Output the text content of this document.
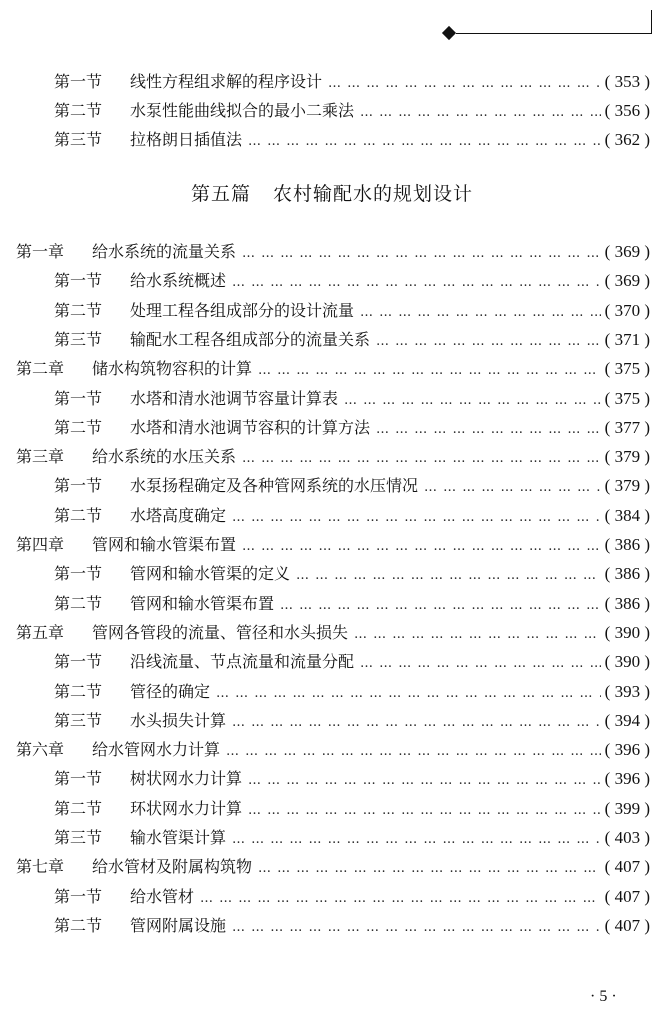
第一节	线性方程组求解的程序设计 … … … … … … … … … … … … … … … … … … … … … … … … … … … … … … … … … … … … … … … … … … … … … …	( 353 )
第二节	水泵性能曲线拟合的最小二乘法 … … … … … … … … … … … … … … … … … … … … … … … … … … … … … … … … … … … … … … … … … … … … … …	( 356 )
第三节	拉格朗日插值法 … … … … … … … … … … … … … … … … … … … … … … … … … … … … … … … … … … … … … … … … … … … … … …	( 362 )
第一章	给水系统的流量关系 … … … … … … … … … … … … … … … … … … … … … … … … … … … … … … … … … … … … … … … … … … … … … …	( 369 )
第一节	给水系统概述 … … … … … … … … … … … … … … … … … … … … … … … … … … … … … … … … … … … … … … … … … … … … … …	( 369 )
第二节	处理工程各组成部分的设计流量 … … … … … … … … … … … … … … … … … … … … … … … … … … … … … … … … … … … … … … … … … … … … … …	( 370 )
第三节	输配水工程各组成部分的流量关系 … … … … … … … … … … … … … … … … … … … … … … … … … … … … … … … … … … … … … … … … … … … … … …	( 371 )
第二章	储水构筑物容积的计算 … … … … … … … … … … … … … … … … … … … … … … … … … … … … … … … … … … … … … … … … … … … … … …	( 375 )
第一节	水塔和清水池调节容量计算表 … … … … … … … … … … … … … … … … … … … … … … … … … … … … … … … … … … … … … … … … … … … … … …	( 375 )
第二节	水塔和清水池调节容积的计算方法 … … … … … … … … … … … … … … … … … … … … … … … … … … … … … … … … … … … … … … … … … … … … … …	( 377 )
第三章	给水系统的水压关系 … … … … … … … … … … … … … … … … … … … … … … … … … … … … … … … … … … … … … … … … … … … … … …	( 379 )
第一节	水泵扬程确定及各种管网系统的水压情况 … … … … … … … … … … … … … … … … … … … … … … … … … … … … … … … … … … … … … … … … … … … … … …	( 379 )
第二节	水塔高度确定 … … … … … … … … … … … … … … … … … … … … … … … … … … … … … … … … … … … … … … … … … … … … … …	( 384 )
第四章	管网和输水管渠布置 … … … … … … … … … … … … … … … … … … … … … … … … … … … … … … … … … … … … … … … … … … … … … …	( 386 )
第一节	管网和输水管渠的定义 … … … … … … … … … … … … … … … … … … … … … … … … … … … … … … … … … … … … … … … … … … … … … …	( 386 )
第二节	管网和输水管渠布置 … … … … … … … … … … … … … … … … … … … … … … … … … … … … … … … … … … … … … … … … … … … … … …	( 386 )
第五章	管网各管段的流量、管径和水头损失 … … … … … … … … … … … … … … … … … … … … … … … … … … … … … … … … … … … … … … … … … … … … … …	( 390 )
第一节	沿线流量、节点流量和流量分配 … … … … … … … … … … … … … … … … … … … … … … … … … … … … … … … … … … … … … … … … … … … … … …	( 390 )
第二节	管径的确定 … … … … … … … … … … … … … … … … … … … … … … … … … … … … … … … … … … … … … … … … … … … … … …	( 393 )
第三节	水头损失计算 … … … … … … … … … … … … … … … … … … … … … … … … … … … … … … … … … … … … … … … … … … … … … …	( 394 )
第六章	给水管网水力计算 … … … … … … … … … … … … … … … … … … … … … … … … … … … … … … … … … … … … … … … … … … … … … …	( 396 )
第一节	树状网水力计算 … … … … … … … … … … … … … … … … … … … … … … … … … … … … … … … … … … … … … … … … … … … … … …	( 396 )
第二节	环状网水力计算 … … … … … … … … … … … … … … … … … … … … … … … … … … … … … … … … … … … … … … … … … … … … … …	( 399 )
第三节	输水管渠计算 … … … … … … … … … … … … … … … … … … … … … … … … … … … … … … … … … … … … … … … … … … … … … …	( 403 )
第七章	给水管材及附属构筑物 … … … … … … … … … … … … … … … … … … … … … … … … … … … … … … … … … … … … … … … … … … … … … …	( 407 )
第一节	给水管材 … … … … … … … … … … … … … … … … … … … … … … … … … … … … … … … … … … … … … … … … … … … … … …	( 407 )
第二节	管网附属设施 … … … … … … … … … … … … … … … … … … … … … … … … … … … … … … … … … … … … … … … … … … … … … …	( 407 )
第五篇 农村输配水的规划设计
· 5 ·
